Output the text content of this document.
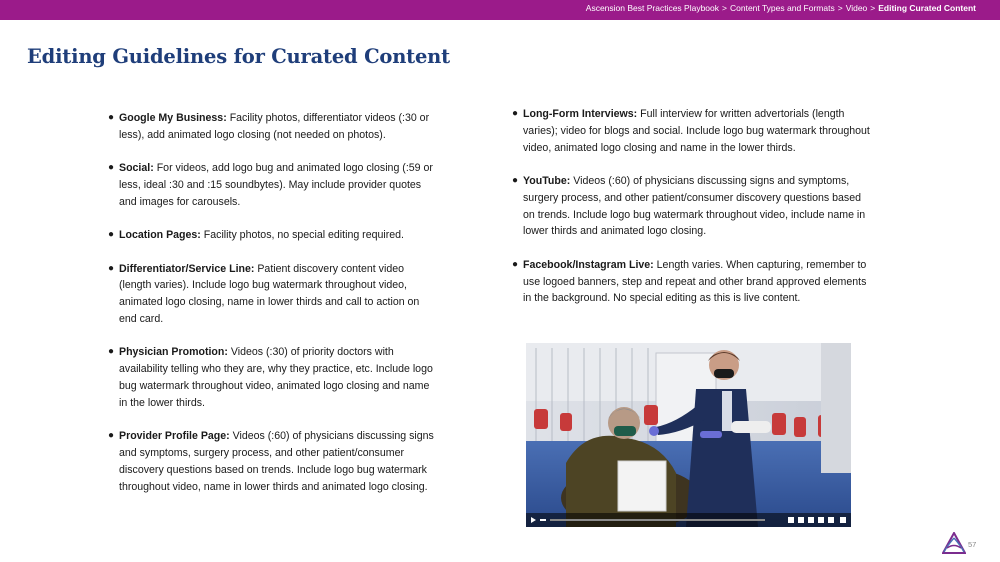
Ascension Best Practices Playbook > Content Types and Formats > Video > Editing Curated Content
Editing Guidelines for Curated Content
● Google My Business: Facility photos, differentiator videos (:30 or less), add animated logo closing (not needed on photos).
● Social: For videos, add logo bug and animated logo closing (:59 or less, ideal :30 and :15 soundbytes). May include provider quotes and images for carousels.
● Location Pages: Facility photos, no special editing required.
● Differentiator/Service Line: Patient discovery content video (length varies). Include logo bug watermark throughout video, animated logo closing, name in lower thirds and call to action on end card.
● Physician Promotion: Videos (:30) of priority doctors with availability telling who they are, why they practice, etc. Include logo bug watermark throughout video, animated logo closing and name in the lower thirds.
● Provider Profile Page: Videos (:60) of physicians discussing signs and symptoms, surgery process, and other patient/consumer discovery questions based on trends. Include logo bug watermark throughout video, name in lower thirds and animated logo closing.
● Long-Form Interviews: Full interview for written advertorials (length varies); video for blogs and social. Include logo bug watermark throughout video, animated logo closing and name in the lower thirds.
● YouTube: Videos (:60) of physicians discussing signs and symptoms, surgery process, and other patient/consumer discovery questions based on trends. Include logo bug watermark throughout video, include name in lower thirds and animated logo closing.
● Facebook/Instagram Live: Length varies. When capturing, remember to use logoed banners, step and repeat and other brand approved elements in the background. No special editing as this is live content.
57
